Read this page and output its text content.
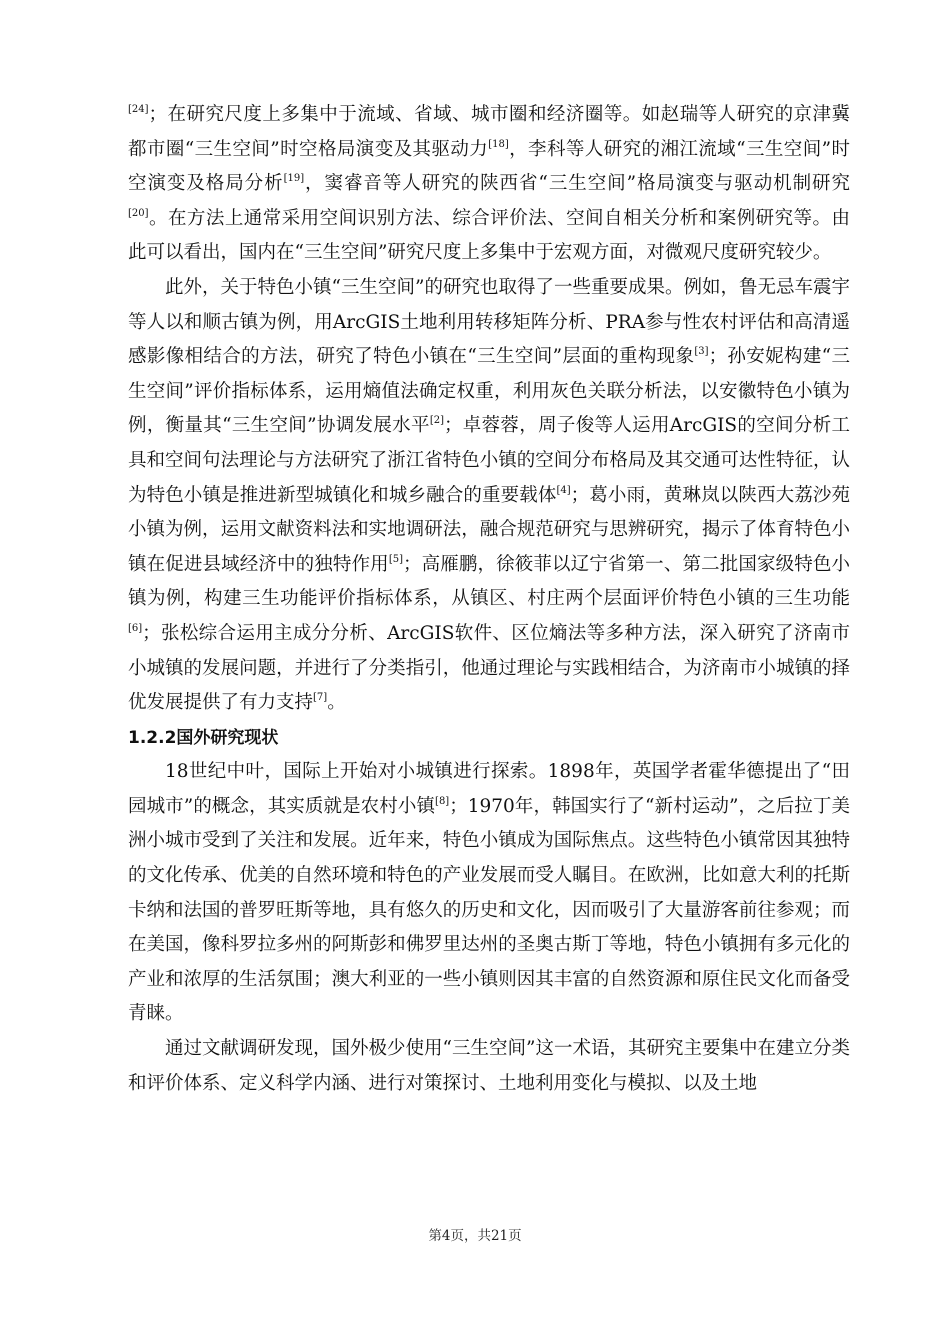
[24]；在研究尺度上多集中于流域、省域、城市圈和经济圈等。如赵瑞等人研究的京津冀都市圈“三生空间”时空格局演变及其驱动力[18]，李科等人研究的湘江流域“三生空间”时空演变及格局分析[19]，窦睿音等人研究的陕西省“三生空间”格局演变与驱动机制研究[20]。在方法上通常采用空间识别方法、综合评价法、空间自相关分析和案例研究等。由此可以看出，国内在“三生空间”研究尺度上多集中于宏观方面，对微观尺度研究较少。

此外，关于特色小镇“三生空间”的研究也取得了一些重要成果。例如，鲁无忌车震宇等人以和顺古镇为例，用ArcGIS土地利用转移矩阵分析、PRA参与性农村评估和高清遥感影像相结合的方法，研究了特色小镇在“三生空间”层面的重构现象[3]；孙安妮构建“三生空间”评价指标体系，运用熵值法确定权重，利用灰色关联分析法，以安徽特色小镇为例，衡量其“三生空间”协调发展水平[2]；卓蓉蓉，周子俊等人运用ArcGIS的空间分析工具和空间句法理论与方法研究了浙江省特色小镇的空间分布格局及其交通可达性特征，认为特色小镇是推进新型城镇化和城乡融合的重要载体[4]；葛小雨，黄琳岚以陕西大荔沙苑小镇为例，运用文献资料法和实地调研法，融合规范研究与思辨研究，揭示了体育特色小镇在促进县域经济中的独特作用[5]；高雁鹏，徐筱菲以辽宁省第一、第二批国家级特色小镇为例，构建三生功能评价指标体系，从镇区、村庄两个层面评价特色小镇的三生功能[6]；张松综合运用主成分分析、ArcGIS软件、区位熵法等多种方法，深入研究了济南市小城镇的发展问题，并进行了分类指引，他通过理论与实践相结合，为济南市小城镇的择优发展提供了有力支持[7]。

1.2.2国外研究现状

18世纪中叶，国际上开始对小城镇进行探索。1898年，英国学者霍华德提出了“田园城市”的概念，其实质就是农村小镇[8]；1970年，韩国实行了“新村运动”，之后拉丁美洲小城市受到了关注和发展。近年来，特色小镇成为国际焦点。这些特色小镇常因其独特的文化传承、优美的自然环境和特色的产业发展而受人瞩目。在欧洲，比如意大利的托斯卡纳和法国的普罗旺斯等地，具有悠久的历史和文化，因而吸引了大量游客前往参观；而在美国，像科罗拉多州的阿斯彭和佛罗里达州的圣奥古斯丁等地，特色小镇拥有多元化的产业和浓厚的生活氛围；澳大利亚的一些小镇则因其丰富的自然资源和原住民文化而备受青睐。

通过文献调研发现，国外极少使用“三生空间”这一术语，其研究主要集中在建立分类和评价体系、定义科学内涵、进行对策探讨、土地利用变化与模拟、以及土地

第4页，共21页
